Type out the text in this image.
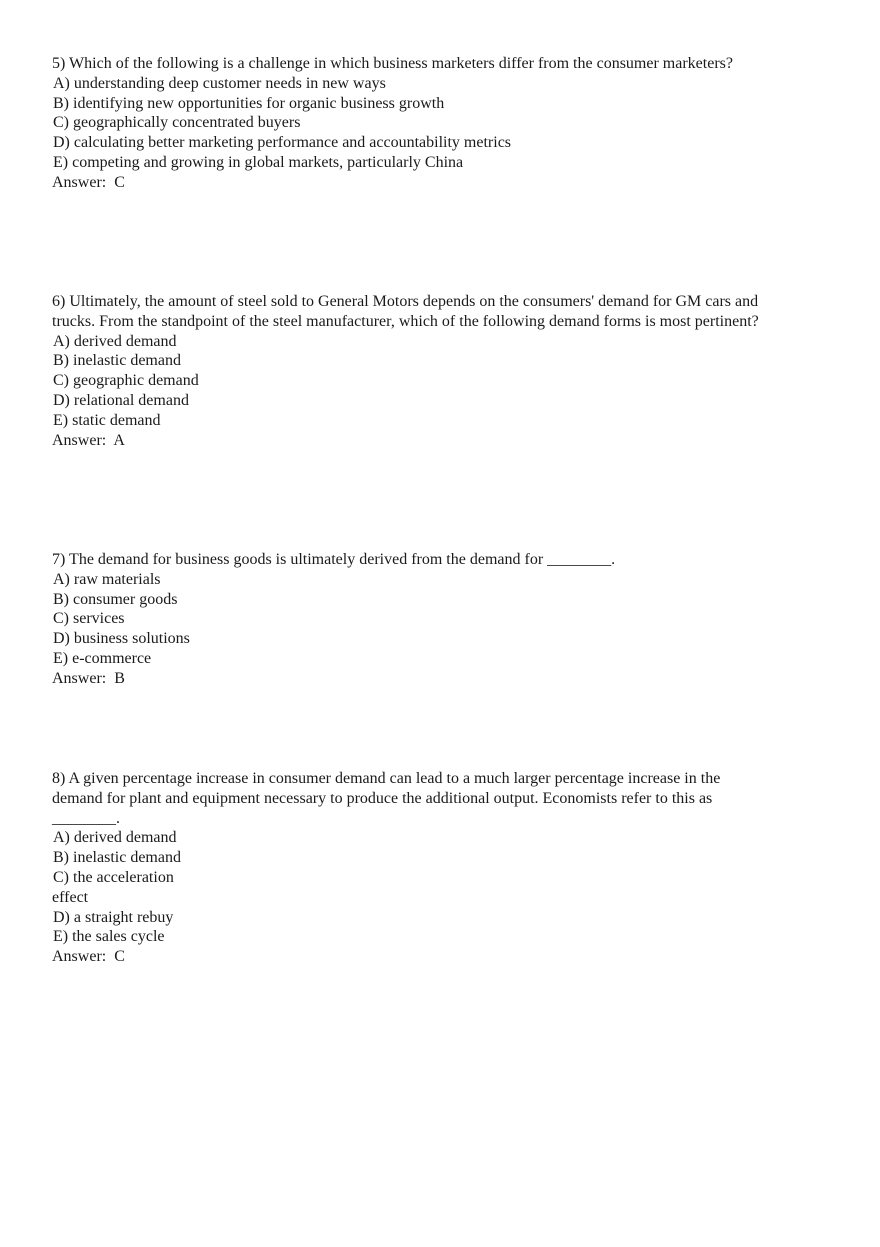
5) Which of the following is a challenge in which business marketers differ from the consumer marketers?
A) understanding deep customer needs in new ways
B) identifying new opportunities for organic business growth
C) geographically concentrated buyers
D) calculating better marketing performance and accountability metrics
E) competing and growing in global markets, particularly China
Answer:  C
6) Ultimately, the amount of steel sold to General Motors depends on the consumers' demand for GM cars and
trucks. From the standpoint of the steel manufacturer, which of the following demand forms is most pertinent?
A) derived demand
B) inelastic demand
C) geographic demand
D) relational demand
E) static demand
Answer:  A
7) The demand for business goods is ultimately derived from the demand for ________.
A) raw materials
B) consumer goods
C) services
D) business solutions
E) e-commerce
Answer:  B
8) A given percentage increase in consumer demand can lead to a much larger percentage increase in the
demand for plant and equipment necessary to produce the additional output. Economists refer to this as
________.
A) derived demand
B) inelastic demand
C) the acceleration
effect
D) a straight rebuy
E) the sales cycle
Answer:  C
